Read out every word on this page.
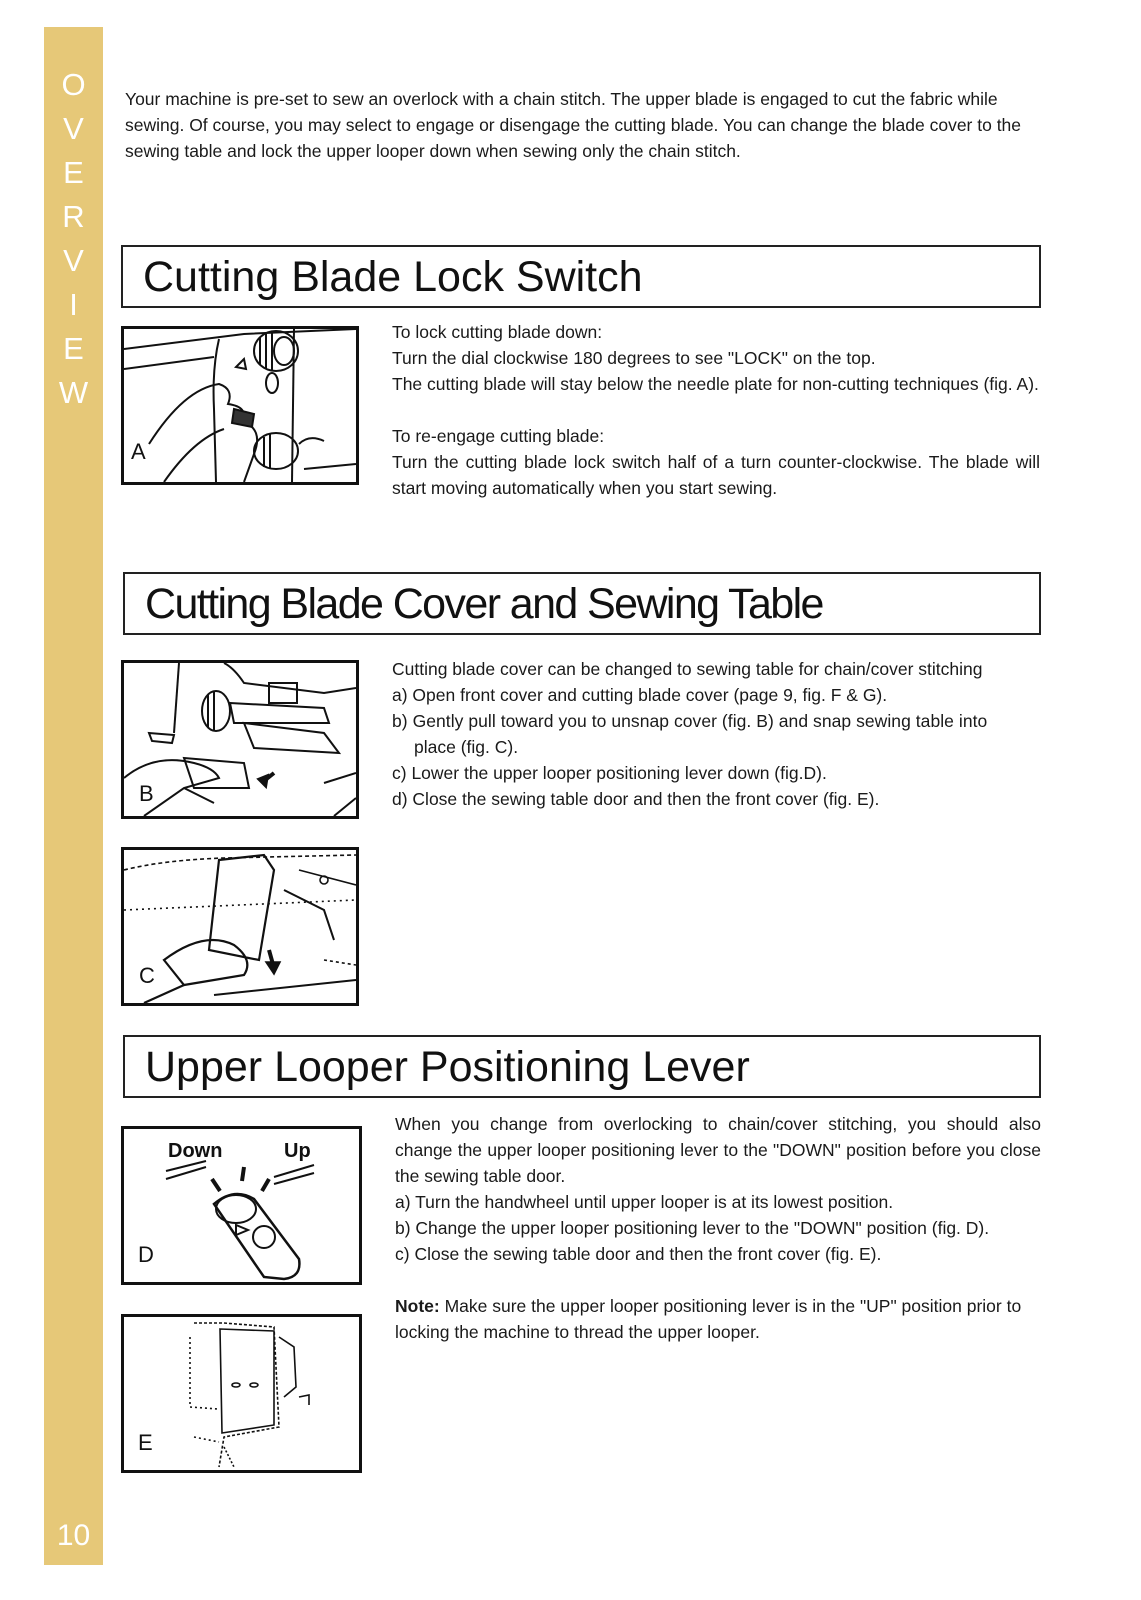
O
V
E
R
V
I
E
W
10

Your machine is pre-set to sew an overlock with a chain stitch. The upper blade is engaged to cut the fabric while sewing. Of course, you may select to engage or disengage the cutting blade. You can change the blade cover to the sewing table and lock the upper looper down when sewing only the chain stitch.

Cutting Blade Lock Switch
A

To lock cutting blade down:

Turn the dial clockwise 180 degrees to see "LOCK" on the top.

The cutting blade will stay below the needle plate for non-cutting techniques (fig. A).

To re-engage cutting blade:

Turn the cutting blade lock switch half of a turn counter-clockwise. The blade will start moving automatically when you start sewing.

Cutting Blade Cover and Sewing Table
B
C

Cutting blade cover can be changed to sewing table for chain/cover stitching

a) Open front cover and cutting blade cover (page 9, fig. F & G).

b) Gently pull toward you to unsnap cover (fig. B) and snap sewing table into

place (fig. C).

c) Lower the upper looper positioning lever down (fig.D).

d) Close the sewing table door and then the front cover (fig. E).

Upper Looper Positioning Lever
Down	Up
D
E

When you change from overlocking to chain/cover stitching, you should also change the upper looper positioning lever to the "DOWN" position before you close the sewing table door.

a) Turn the handwheel until upper looper is at its lowest position.

b) Change the upper looper positioning lever to the "DOWN" position (fig. D).

c) Close the sewing table door and then the front cover (fig. E).

Note: Make sure the upper looper positioning lever is in the "UP" position prior to locking the machine to thread the upper looper.
